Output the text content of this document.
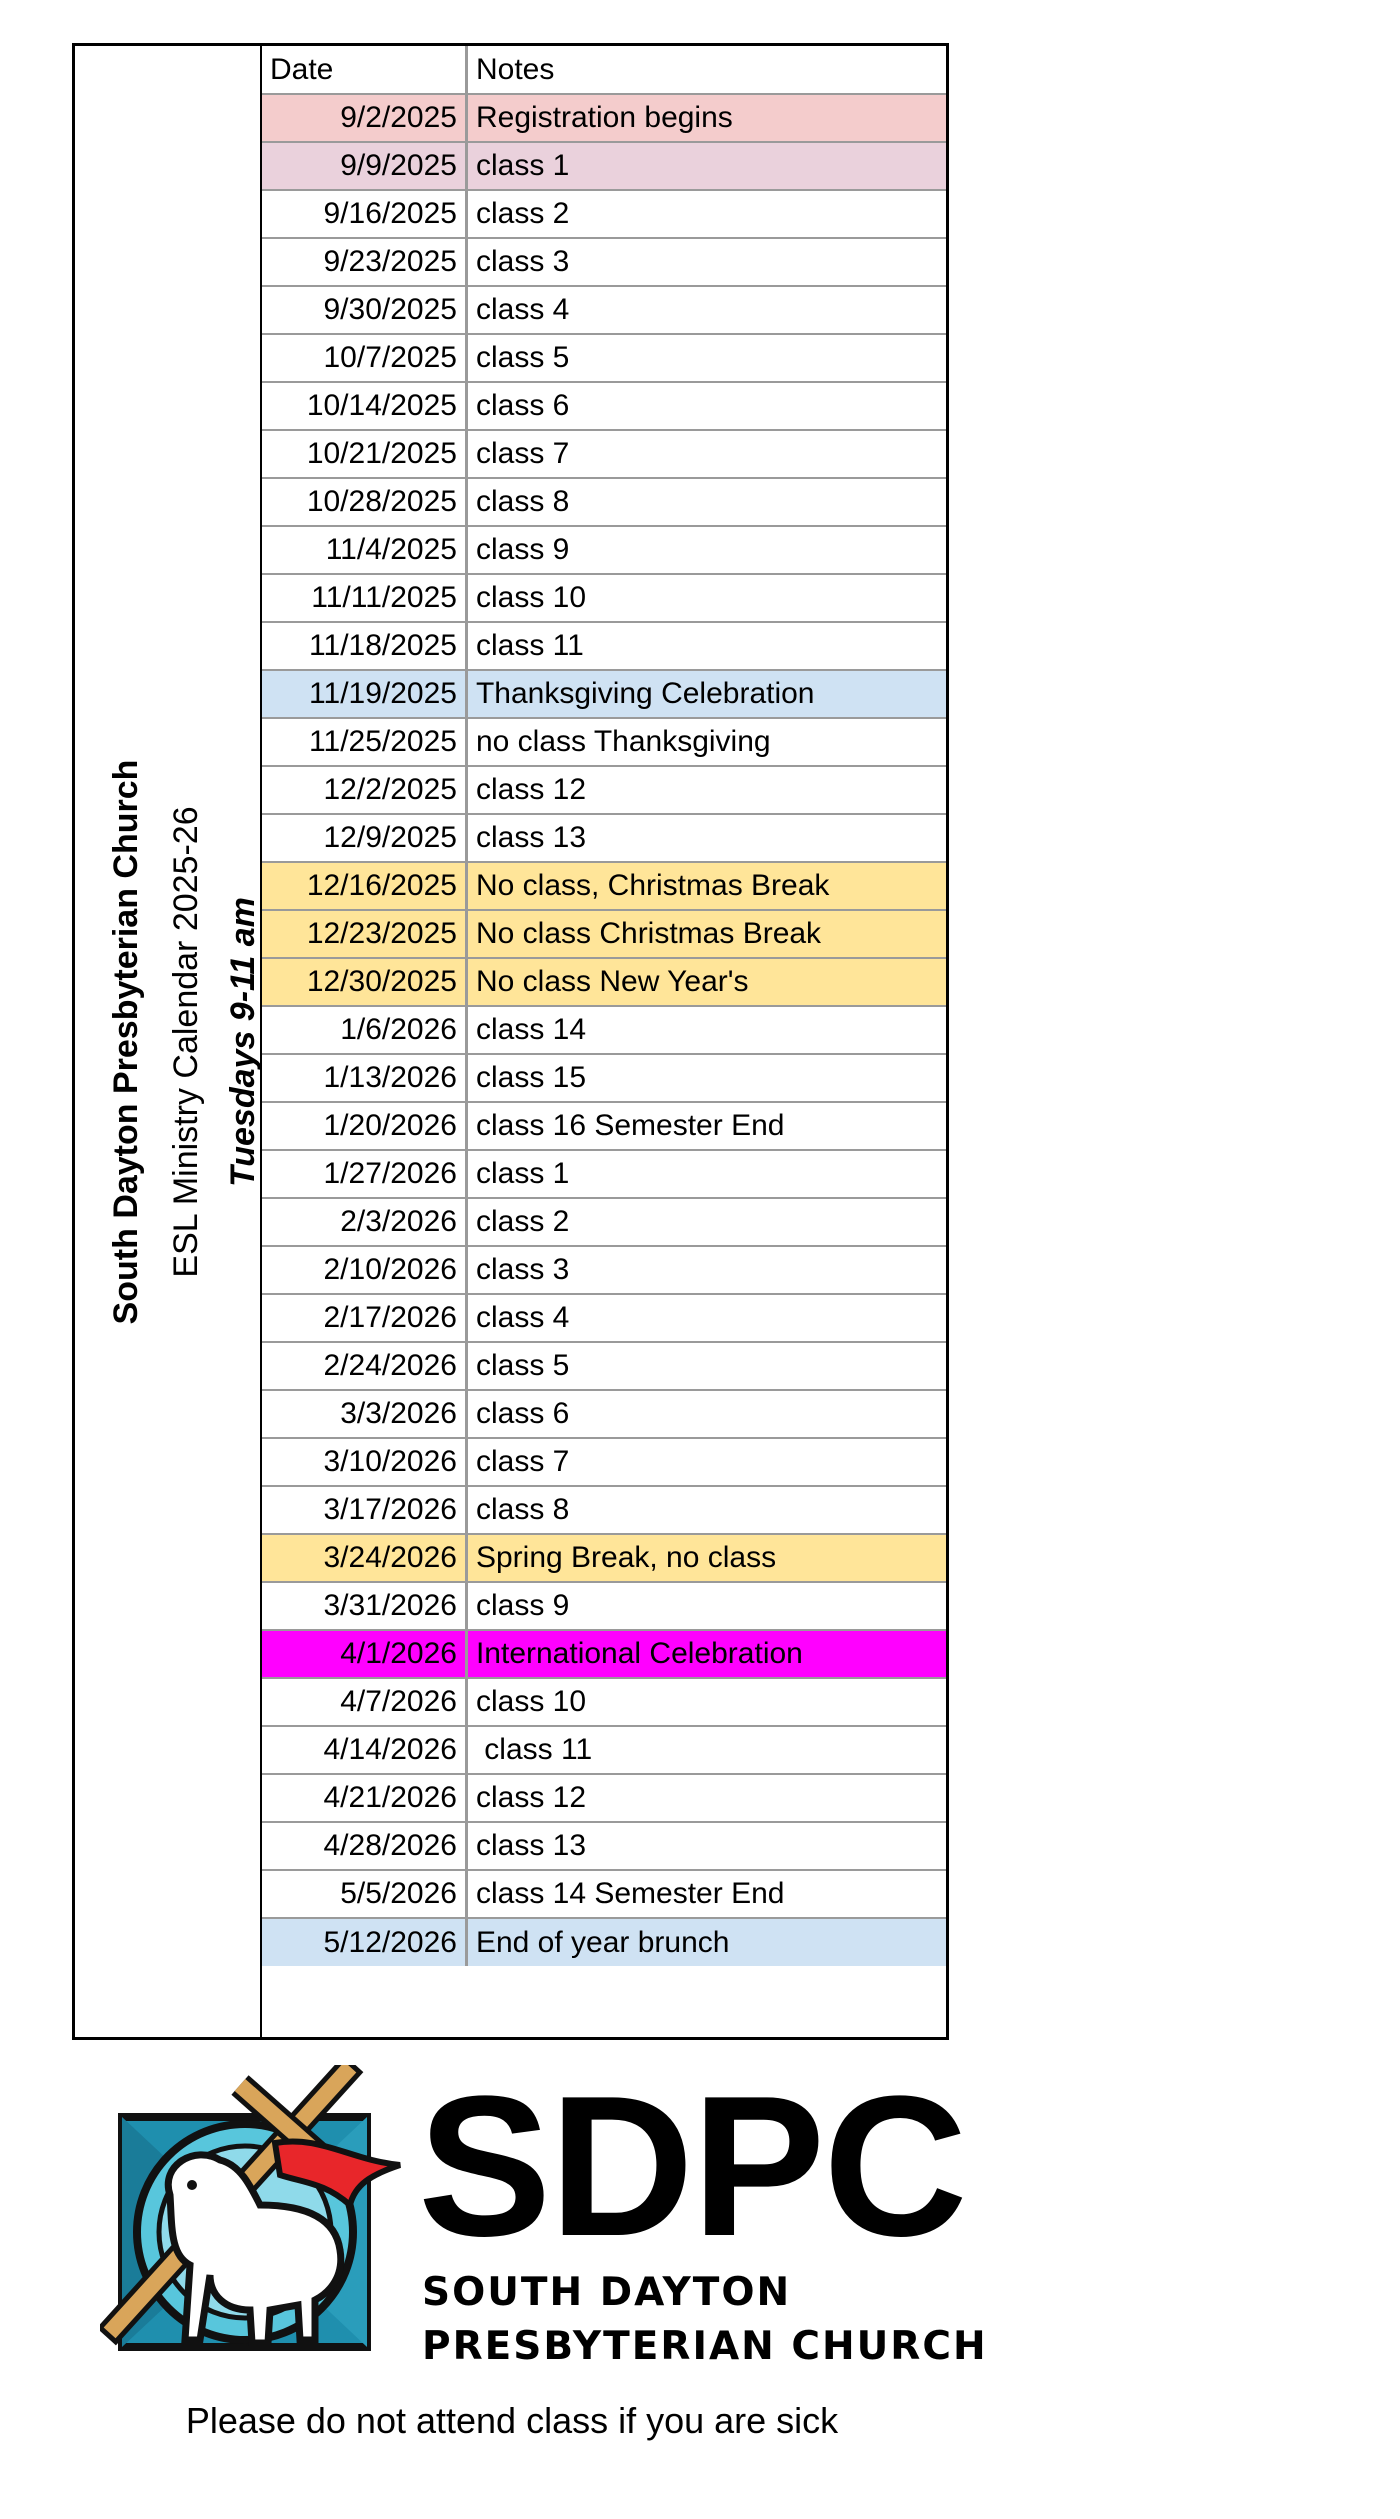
South Dayton Presbyterian Church ESL Ministry Calendar 2025-26 Tuesdays 9-11 am
Date	Notes
9/2/2025	Registration begins
9/9/2025	class 1
9/16/2025	class 2
9/23/2025	class 3
9/30/2025	class 4
10/7/2025	class 5
10/14/2025	class 6
10/21/2025	class 7
10/28/2025	class 8
11/4/2025	class 9
11/11/2025	class 10
11/18/2025	class 11
11/19/2025	Thanksgiving Celebration
11/25/2025	no class Thanksgiving
12/2/2025	class 12
12/9/2025	class 13
12/16/2025	No class, Christmas Break
12/23/2025	No class Christmas Break
12/30/2025	No class New Year's
1/6/2026	class 14
1/13/2026	class 15
1/20/2026	class 16 Semester End
1/27/2026	class 1
2/3/2026	class 2
2/10/2026	class 3
2/17/2026	class 4
2/24/2026	class 5
3/3/2026	class 6
3/10/2026	class 7
3/17/2026	class 8
3/24/2026	Spring Break, no class
3/31/2026	class 9
4/1/2026	International Celebration
4/7/2026	class 10
4/14/2026	class 11
4/21/2026	class 12
4/28/2026	class 13
5/5/2026	class 14 Semester End
5/12/2026	End of year brunch
SDPC
SOUTH DAYTON
PRESBYTERIAN CHURCH
Please do not attend class if you are sick
